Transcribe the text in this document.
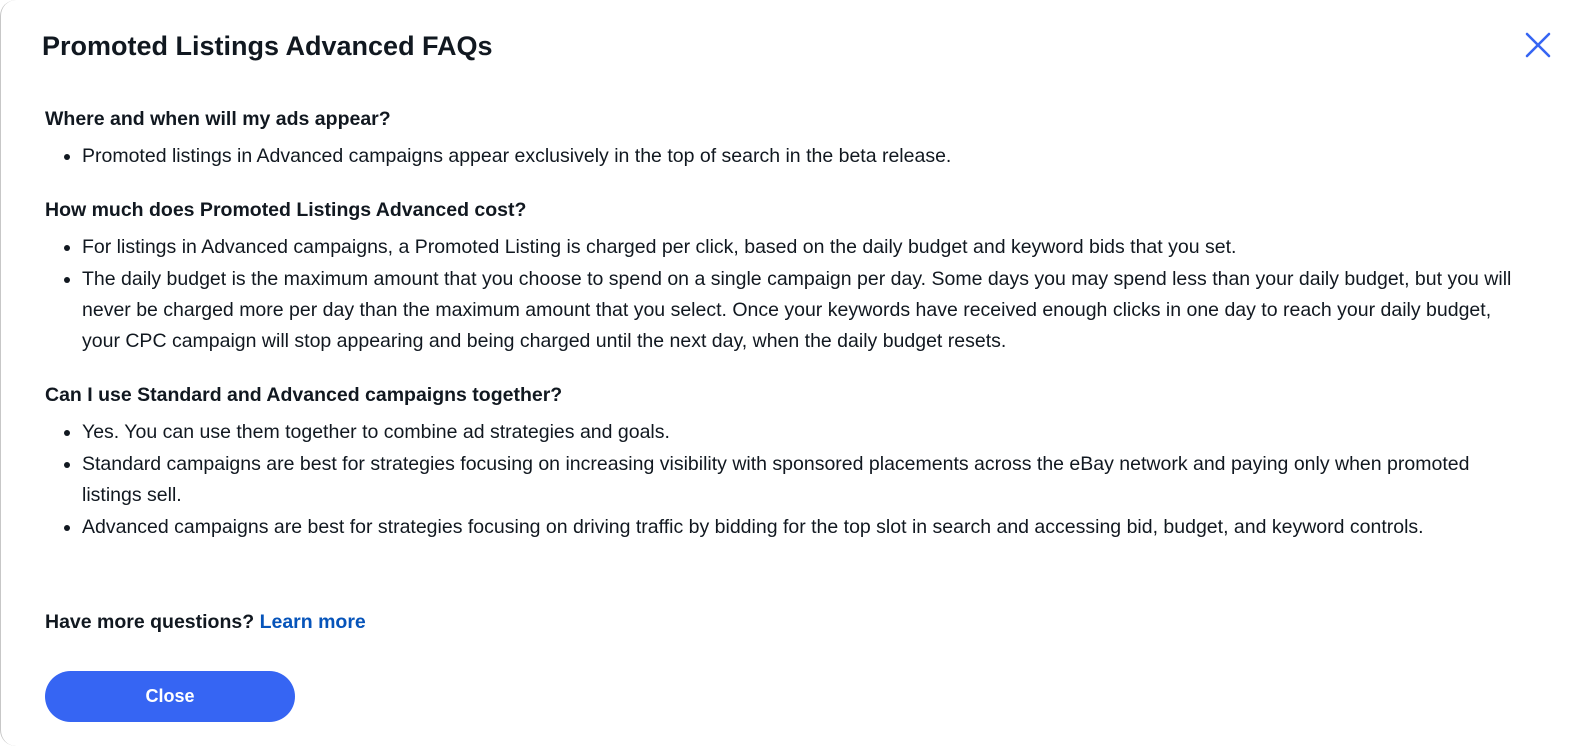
Promoted Listings Advanced FAQs

Where and when will my ads appear?

Promoted listings in Advanced campaigns appear exclusively in the top of search in the beta release.

How much does Promoted Listings Advanced cost?

For listings in Advanced campaigns, a Promoted Listing is charged per click, based on the daily budget and keyword bids that you set.
The daily budget is the maximum amount that you choose to spend on a single campaign per day. Some days you may spend less than your daily budget, but you will never be charged more per day than the maximum amount that you select. Once your keywords have received enough clicks in one day to reach your daily budget, your CPC campaign will stop appearing and being charged until the next day, when the daily budget resets.

Can I use Standard and Advanced campaigns together?

Yes. You can use them together to combine ad strategies and goals.
Standard campaigns are best for strategies focusing on increasing visibility with sponsored placements across the eBay network and paying only when promoted listings sell.
Advanced campaigns are best for strategies focusing on driving traffic by bidding for the top slot in search and accessing bid, budget, and keyword controls.
Have more questions? Learn more
Close
